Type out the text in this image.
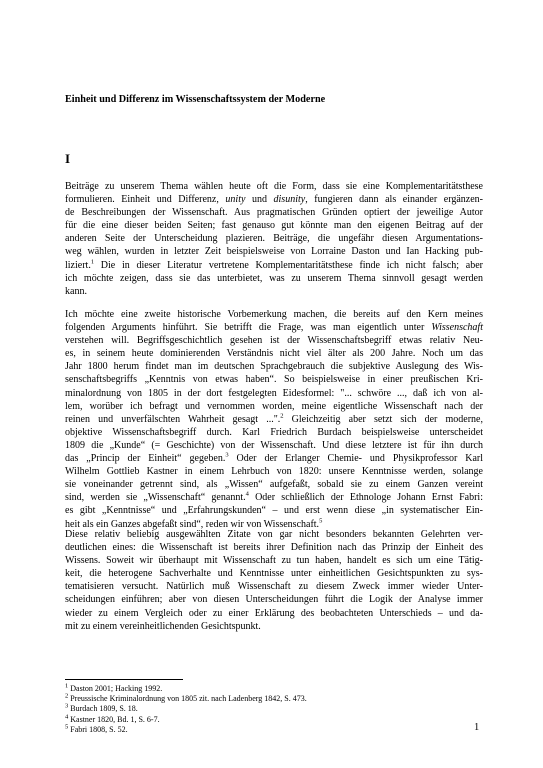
Einheit und Differenz im Wissenschaftssystem der Moderne
I

Beiträge zu unserem Thema wählen heute oft die Form, dass sie eine Komplementaritätsthese

formulieren. Einheit und Differenz, unity und disunity, fungieren dann als einander ergänzen-

de Beschreibungen der Wissenschaft. Aus pragmatischen Gründen optiert der jeweilige Autor

für die eine dieser beiden Seiten; fast genauso gut könnte man den eigenen Beitrag auf der

anderen Seite der Unterscheidung plazieren. Beiträge, die ungefähr diesen Argumentations-

weg wählen, wurden in letzter Zeit beispielsweise von Lorraine Daston und Ian Hacking pub-

liziert.$^1$ Die in dieser Literatur vertretene Komplementaritätsthese finde ich nicht falsch; aber

ich möchte zeigen, dass sie das unterbietet, was zu unserem Thema sinnvoll gesagt werden

kann.

Ich möchte eine zweite historische Vorbemerkung machen, die bereits auf den Kern meines

folgenden Arguments hinführt. Sie betrifft die Frage, was man eigentlich unter Wissenschaft

verstehen will. Begriffsgeschichtlich gesehen ist der Wissenschaftsbegriff etwas relativ Neu-

es, in seinem heute dominierenden Verständnis nicht viel älter als 200 Jahre. Noch um das

Jahr 1800 herum findet man im deutschen Sprachgebrauch die subjektive Auslegung des Wis-

senschaftsbegriffs „Kenntnis von etwas haben“. So beispielsweise in einer preußischen Kri-

minalordnung von 1805 in der dort festgelegten Eidesformel: "... schwöre ..., daß ich von al-

lem, worüber ich befragt und vernommen worden, meine eigentliche Wissenschaft nach der

reinen und unverfälschten Wahrheit gesagt ...".$^2$ Gleichzeitig aber setzt sich der moderne,

objektive Wissenschaftsbegriff durch. Karl Friedrich Burdach beispielsweise unterscheidet

1809 die „Kunde“ (= Geschichte) von der Wissenschaft. Und diese letztere ist für ihn durch

das „Princip der Einheit“ gegeben.$^3$ Oder der Erlanger Chemie- und Physikprofessor Karl

Wilhelm Gottlieb Kastner in einem Lehrbuch von 1820: unsere Kenntnisse werden, solange

sie voneinander getrennt sind, als „Wissen“ aufgefaßt, sobald sie zu einem Ganzen vereint

sind, werden sie „Wissenschaft“ genannt.$^4$ Oder schließlich der Ethnologe Johann Ernst Fabri:

es gibt „Kenntnisse“ und „Erfahrungskunden“ – und erst wenn diese „in systematischer Ein-

heit als ein Ganzes abgefaßt sind“, reden wir von Wissenschaft.$^5$

Diese relativ beliebig ausgewählten Zitate von gar nicht besonders bekannten Gelehrten ver-

deutlichen eines: die Wissenschaft ist bereits ihrer Definition nach das Prinzip der Einheit des

Wissens. Soweit wir überhaupt mit Wissenschaft zu tun haben, handelt es sich um eine Tätig-

keit, die heterogene Sachverhalte und Kenntnisse unter einheitlichen Gesichtspunkten zu sys-

tematisieren versucht. Natürlich muß Wissenschaft zu diesem Zweck immer wieder Unter-

scheidungen einführen; aber von diesen Unterscheidungen führt die Logik der Analyse immer

wieder zu einem Vergleich oder zu einer Erklärung des beobachteten Unterschieds – und da-

mit zu einem vereinheitlichenden Gesichtspunkt.

$^1$ Daston 2001; Hacking 1992.

$^2$ Preussische Kriminalordnung von 1805 zit. nach Ladenberg 1842, S. 473.

$^3$ Burdach 1809, S. 18.

$^4$ Kastner 1820, Bd. 1, S. 6-7.

$^5$ Fabri 1808, S. 52.	1
